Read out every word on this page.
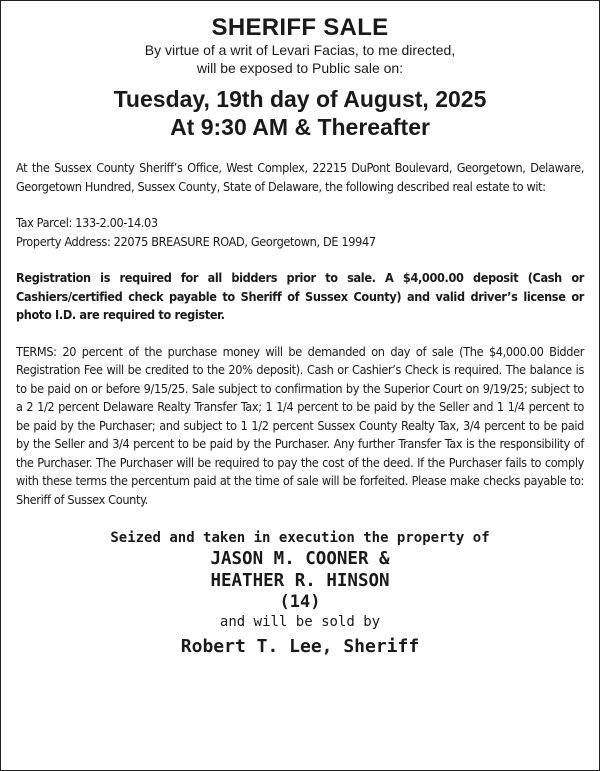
SHERIFF SALE
By virtue of a writ of Levari Facias, to me directed,
will be exposed to Public sale on:
Tuesday, 19th day of August, 2025
At 9:30 AM & Thereafter
At the Sussex County Sheriff’s Office, West Complex, 22215 DuPont Boulevard, Georgetown, Delaware, Georgetown Hundred, Sussex County, State of Delaware, the following described real estate to wit:
Tax Parcel: 133-2.00-14.03
Property Address: 22075 BREASURE ROAD, Georgetown, DE 19947
Registration is required for all bidders prior to sale. A $4,000.00 deposit (Cash or Cashiers/certified check payable to Sheriff of Sussex County) and valid driver’s license or photo I.D. are required to register.
TERMS: 20 percent of the purchase money will be demanded on day of sale (The $4,000.00 Bidder Registration Fee will be credited to the 20% deposit). Cash or Cashier’s Check is required. The balance is to be paid on or before 9/15/25. Sale subject to confirmation by the Superior Court on 9/19/25; subject to a 2 1/2 percent Delaware Realty Transfer Tax; 1 1/4 percent to be paid by the Seller and 1 1/4 percent to be paid by the Purchaser; and subject to 1 1/2 percent Sussex County Realty Tax, 3/4 percent to be paid by the Seller and 3/4 percent to be paid by the Purchaser. Any further Transfer Tax is the responsibility of the Purchaser. The Purchaser will be required to pay the cost of the deed. If the Purchaser fails to comply with these terms the percentum paid at the time of sale will be forfeited. Please make checks payable to: Sheriff of Sussex County.
Seized and taken in execution the property of
JASON M. COONER &
HEATHER R. HINSON
(14)
and will be sold by
Robert T. Lee, Sheriff
